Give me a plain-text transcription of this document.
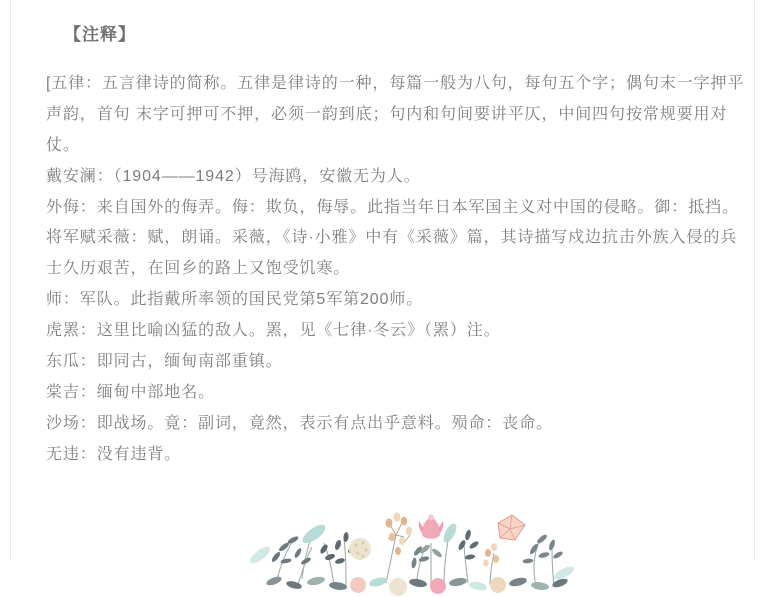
【注释】
[五律：五言律诗的简称。五律是律诗的一种，每篇一般为八句，每句五个字；偶句末一字押平
声韵，首句 末字可押可不押，必须一韵到底；句内和句间要讲平仄，中间四句按常规要用对
仗。
戴安澜：（1904——1942）号海鸥，安徽无为人。
外侮：来自国外的侮弄。侮：欺负，侮辱。此指当年日本军国主义对中国的侵略。御：抵挡。
将军赋采薇：赋，朗诵。采薇，《诗·小雅》中有《采薇》篇，其诗描写戍边抗击外族入侵的兵
士久历艰苦，在回乡的路上又饱受饥寒。
师：军队。此指戴所率领的国民党第5军第200师。
虎罴：这里比喻凶猛的敌人。罴，见《七律·冬云》（罴）注。
东瓜：即同古，缅甸南部重镇。
棠吉：缅甸中部地名。
沙场：即战场。竟：副词，竟然，表示有点出乎意料。殒命：丧命。
无违：没有违背。
